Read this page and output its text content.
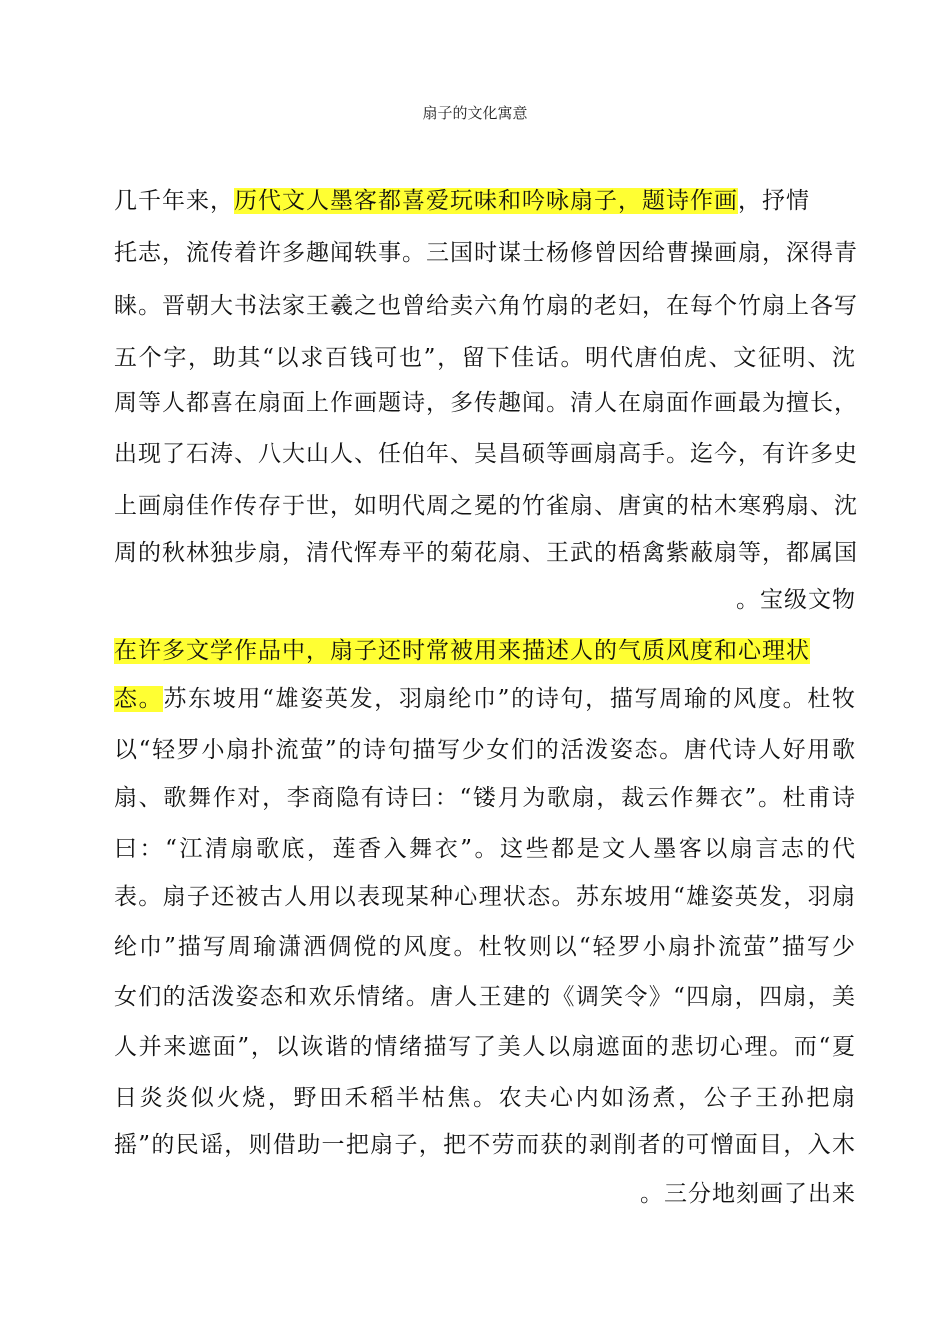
扇子的文化寓意
几千年来，历代文人墨客都喜爱玩味和吟咏扇子，题诗作画，抒情
托志，流传着许多趣闻轶事。三国时谋士杨修曾因给曹操画扇，深得青
睐。晋朝大书法家王羲之也曾给卖六角竹扇的老妇，在每个竹扇上各写
五个字，助其“以求百钱可也”，留下佳话。明代唐伯虎、文征明、沈
周等人都喜在扇面上作画题诗，多传趣闻。清人在扇面作画最为擅长，
出现了石涛、八大山人、任伯年、吴昌硕等画扇高手。迄今，有许多史
上画扇佳作传存于世，如明代周之冕的竹雀扇、唐寅的枯木寒鸦扇、沈
周的秋林独步扇，清代恽寿平的菊花扇、王武的梧禽紫蔽扇等，都属国
。宝级文物
在许多文学作品中，扇子还时常被用来描述人的气质风度和心理状
态。苏东坡用“雄姿英发，羽扇纶巾”的诗句，描写周瑜的风度。杜牧
以“轻罗小扇扑流萤”的诗句描写少女们的活泼姿态。唐代诗人好用歌
扇、歌舞作对，李商隐有诗曰：“镂月为歌扇，裁云作舞衣”。杜甫诗
曰：“江清扇歌底，莲香入舞衣”。这些都是文人墨客以扇言志的代
表。扇子还被古人用以表现某种心理状态。苏东坡用“雄姿英发，羽扇
纶巾”描写周瑜潇洒倜傥的风度。杜牧则以“轻罗小扇扑流萤”描写少
女们的活泼姿态和欢乐情绪。唐人王建的《调笑令》“四扇，四扇，美
人并来遮面”，以诙谐的情绪描写了美人以扇遮面的悲切心理。而“夏
日炎炎似火烧，野田禾稻半枯焦。农夫心内如汤煮，公子王孙把扇
摇”的民谣，则借助一把扇子，把不劳而获的剥削者的可憎面目，入木
。三分地刻画了出来
